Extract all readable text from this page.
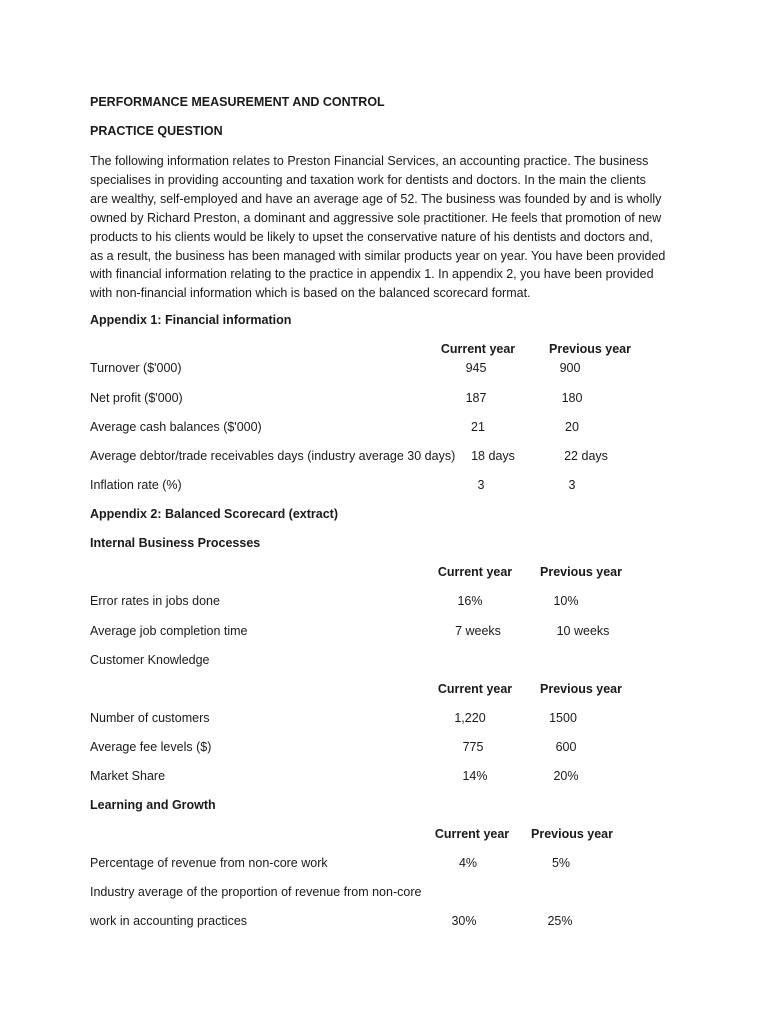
PERFORMANCE MEASUREMENT AND CONTROL
PRACTICE QUESTION
The following information relates to Preston Financial Services, an accounting practice. The business
specialises in providing accounting and taxation work for dentists and doctors. In the main the clients
are wealthy, self-employed and have an average age of 52. The business was founded by and is wholly
owned by Richard Preston, a dominant and aggressive sole practitioner. He feels that promotion of new
products to his clients would be likely to upset the conservative nature of his dentists and doctors and,
as a result, the business has been managed with similar products year on year. You have been provided
with financial information relating to the practice in appendix 1. In appendix 2, you have been provided
with non-financial information which is based on the balanced scorecard format.
Appendix 1: Financial information
Current year	Previous year
Turnover ($'000)	945	900
Net profit ($'000)	187	180
Average cash balances ($'000)	21	20
Average debtor/trade receivables days (industry average 30 days)	18 days	22 days
Inflation rate (%)	3	3
Appendix 2: Balanced Scorecard (extract)
Internal Business Processes
Current year Previous year
Error rates in jobs done	16%	10%
Average job completion time	7 weeks	10 weeks
Customer Knowledge
Current year Previous year
Number of customers	1,220	1500
Average fee levels ($)	775	600
Market Share	14%	20%
Learning and Growth
Current year Previous year
Percentage of revenue from non-core work	4%	5%
Industry average of the proportion of revenue from non-core
work in accounting practices	30%	25%
